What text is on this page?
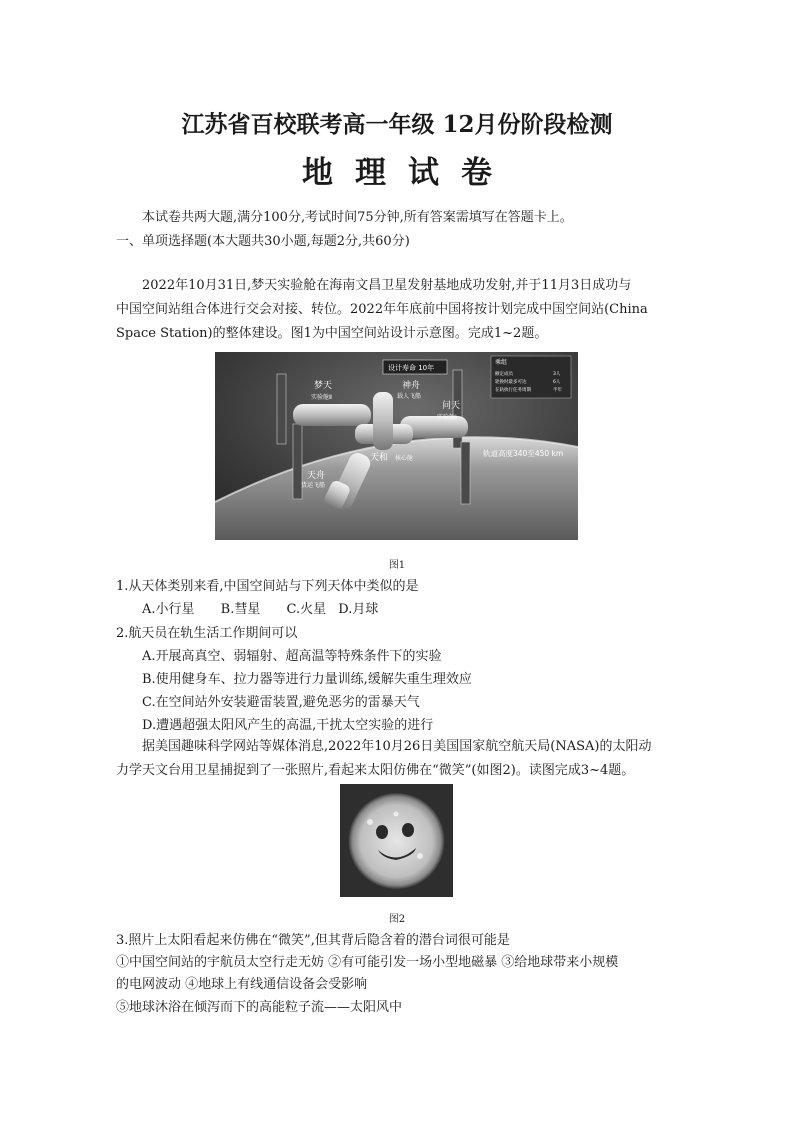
江苏省百校联考高一年级 12月份阶段检测
地理试卷

本试卷共两大题,满分100分,考试时间75分钟,所有答案需填写在答题卡上。

一、单项选择题(本大题共30小题,每题2分,共60分)

2022年10月31日,梦天实验舱在海南文昌卫星发射基地成功发射,并于11月3日成功与

中国空间站组合体进行交会对接、转位。2022年年底前中国将按计划完成中国空间站(China

Space Station)的整体建设。图1为中国空间站设计示意图。完成1~2题。

梦天
实验舱Ⅱ
神舟
载人飞船
问天
实验舱Ⅰ
天和 核心舱
天舟
货运飞船
轨道高度340至450 km
设计寿命 10年
乘组
额定成员	3人
轮换时最多可达	6人
在轨执行任务周期	半年
图1
1.从天体类别来看,中国空间站与下列天体中类似的是
A.小行星 B.彗星 C.火星 D.月球
2.航天员在轨生活工作期间可以
A.开展高真空、弱辐射、超高温等特殊条件下的实验
B.使用健身车、拉力器等进行力量训练,缓解失重生理效应
C.在空间站外安装避雷装置,避免恶劣的雷暴天气
D.遭遇超强太阳风产生的高温,干扰太空实验的进行

据美国趣味科学网站等媒体消息,2022年10月26日美国国家航空航天局(NASA)的太阳动

力学天文台用卫星捕捉到了一张照片,看起来太阳仿佛在“微笑”(如图2)。读图完成3~4题。

图2
3.照片上太阳看起来仿佛在“微笑”,但其背后隐含着的潜台词很可能是
①中国空间站的宇航员太空行走无妨 ②有可能引发一场小型地磁暴 ③给地球带来小规模
的电网波动 ④地球上有线通信设备会受影响
⑤地球沐浴在倾泻而下的高能粒子流——太阳风中
